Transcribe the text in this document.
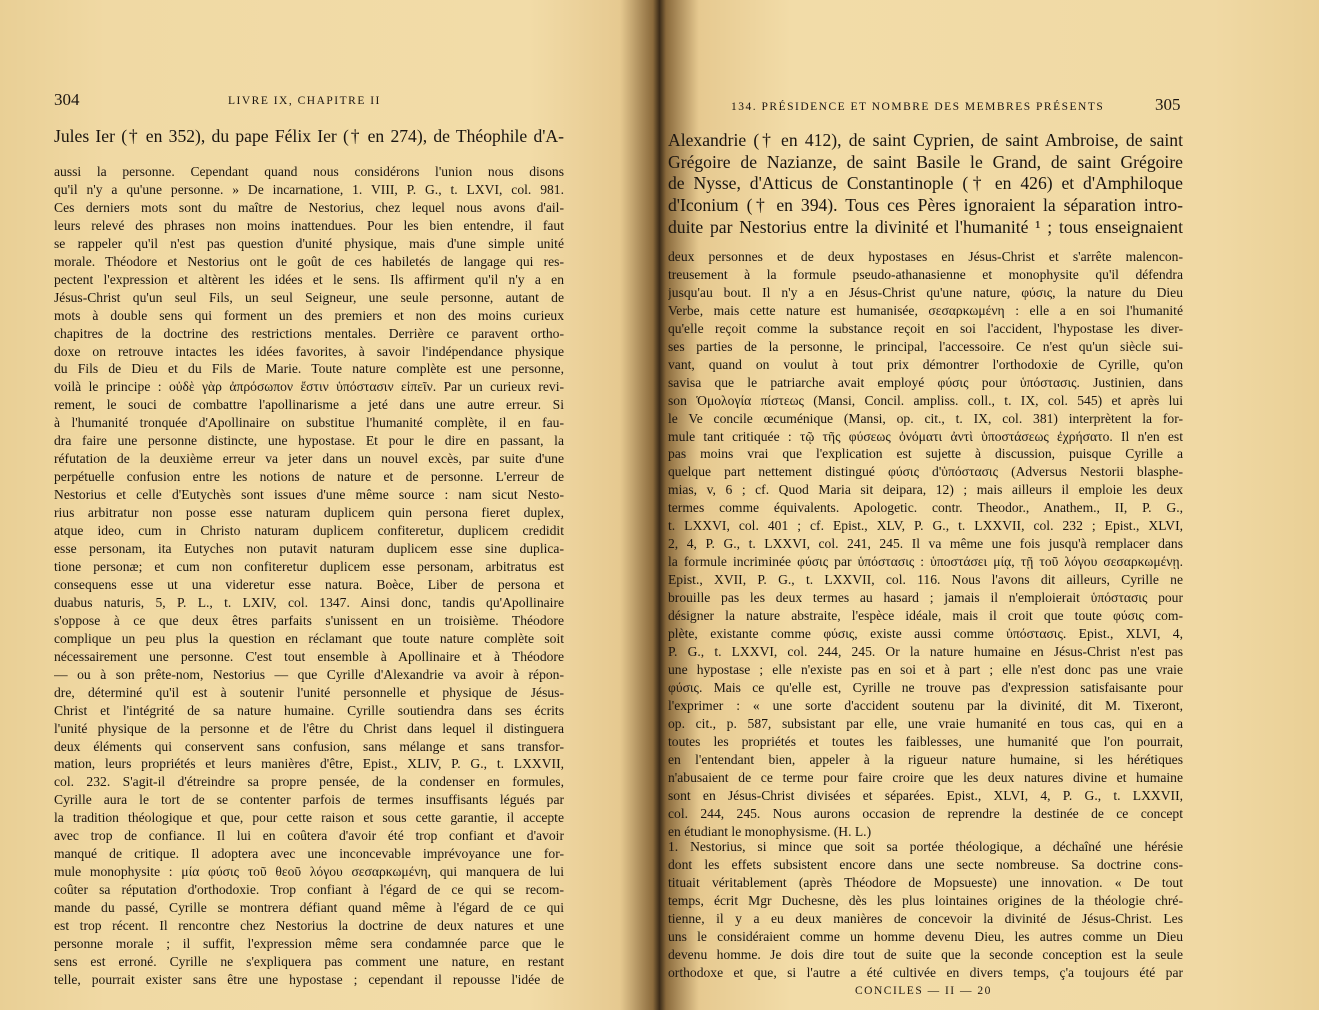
304	LIVRE IX, CHAPITRE II
Jules Ier († en 352), du pape Félix Ier († en 274), de Théophile d'A-
aussi la personne. Cependant quand nous considérons l'union nous disons
qu'il n'y a qu'une personne. » De incarnatione, 1. VIII, P. G., t. LXVI, col. 981.
Ces derniers mots sont du maître de Nestorius, chez lequel nous avons d'ail-
leurs relevé des phrases non moins inattendues. Pour les bien entendre, il faut
se rappeler qu'il n'est pas question d'unité physique, mais d'une simple unité
morale. Théodore et Nestorius ont le goût de ces habiletés de langage qui res-
pectent l'expression et altèrent les idées et le sens. Ils affirment qu'il n'y a en
Jésus-Christ qu'un seul Fils, un seul Seigneur, une seule personne, autant de
mots à double sens qui forment un des premiers et non des moins curieux
chapitres de la doctrine des restrictions mentales. Derrière ce paravent ortho-
doxe on retrouve intactes les idées favorites, à savoir l'indépendance physique
du Fils de Dieu et du Fils de Marie. Toute nature complète est une personne,
voilà le principe : οὐδὲ γὰρ ἀπρόσωπον ἔστιν ὑπόστασιν εἰπεῖν. Par un curieux revi-
rement, le souci de combattre l'apollinarisme a jeté dans une autre erreur. Si
à l'humanité tronquée d'Apollinaire on substitue l'humanité complète, il en fau-
dra faire une personne distincte, une hypostase. Et pour le dire en passant, la
réfutation de la deuxième erreur va jeter dans un nouvel excès, par suite d'une
perpétuelle confusion entre les notions de nature et de personne. L'erreur de
Nestorius et celle d'Eutychès sont issues d'une même source : nam sicut Nesto-
rius arbitratur non posse esse naturam duplicem quin persona fieret duplex,
atque ideo, cum in Christo naturam duplicem confiteretur, duplicem credidit
esse personam, ita Eutyches non putavit naturam duplicem esse sine duplica-
tione personæ; et cum non confiteretur duplicem esse personam, arbitratus est
consequens esse ut una videretur esse natura. Boèce, Liber de persona et
duabus naturis, 5, P. L., t. LXIV, col. 1347. Ainsi donc, tandis qu'Apollinaire
s'oppose à ce que deux êtres parfaits s'unissent en un troisième. Théodore
complique un peu plus la question en réclamant que toute nature complète soit
nécessairement une personne. C'est tout ensemble à Apollinaire et à Théodore
— ou à son prête-nom, Nestorius — que Cyrille d'Alexandrie va avoir à répon-
dre, déterminé qu'il est à soutenir l'unité personnelle et physique de Jésus-
Christ et l'intégrité de sa nature humaine. Cyrille soutiendra dans ses écrits
l'unité physique de la personne et de l'être du Christ dans lequel il distinguera
deux éléments qui conservent sans confusion, sans mélange et sans transfor-
mation, leurs propriétés et leurs manières d'être, Epist., XLIV, P. G., t. LXXVII,
col. 232. S'agit-il d'étreindre sa propre pensée, de la condenser en formules,
Cyrille aura le tort de se contenter parfois de termes insuffisants légués par
la tradition théologique et que, pour cette raison et sous cette garantie, il accepte
avec trop de confiance. Il lui en coûtera d'avoir été trop confiant et d'avoir
manqué de critique. Il adoptera avec une inconcevable imprévoyance une for-
mule monophysite : μία φύσις τοῦ θεοῦ λόγου σεσαρκωμένη, qui manquera de lui
coûter sa réputation d'orthodoxie. Trop confiant à l'égard de ce qui se recom-
mande du passé, Cyrille se montrera défiant quand même à l'égard de ce qui
est trop récent. Il rencontre chez Nestorius la doctrine de deux natures et une
personne morale ; il suffit, l'expression même sera condamnée parce que le
sens est erroné. Cyrille ne s'expliquera pas comment une nature, en restant
telle, pourrait exister sans être une hypostase ; cependant il repousse l'idée de
134. PRÉSIDENCE ET NOMBRE DES MEMBRES PRÉSENTS	305
Alexandrie († en 412), de saint Cyprien, de saint Ambroise, de saint
Grégoire de Nazianze, de saint Basile le Grand, de saint Grégoire
de Nysse, d'Atticus de Constantinople († en 426) et d'Amphiloque
d'Iconium († en 394). Tous ces Pères ignoraient la séparation intro-
duite par Nestorius entre la divinité et l'humanité ¹ ; tous enseignaient
deux personnes et de deux hypostases en Jésus-Christ et s'arrête malencon-
treusement à la formule pseudo-athanasienne et monophysite qu'il défendra
jusqu'au bout. Il n'y a en Jésus-Christ qu'une nature, φύσις, la nature du Dieu
Verbe, mais cette nature est humanisée, σεσαρκωμένη : elle a en soi l'humanité
qu'elle reçoit comme la substance reçoit en soi l'accident, l'hypostase les diver-
ses parties de la personne, le principal, l'accessoire. Ce n'est qu'un siècle sui-
vant, quand on voulut à tout prix démontrer l'orthodoxie de Cyrille, qu'on
savisa que le patriarche avait employé φύσις pour ὑπόστασις. Justinien, dans
son Ὁμολογία πίστεως (Mansi, Concil. ampliss. coll., t. IX, col. 545) et après lui
le Ve concile œcuménique (Mansi, op. cit., t. IX, col. 381) interprètent la for-
mule tant critiquée : τῷ τῆς φύσεως ὀνόματι ἀντὶ ὑποστάσεως ἐχρήσατο. Il n'en est
pas moins vrai que l'explication est sujette à discussion, puisque Cyrille a
quelque part nettement distingué φύσις d'ὑπόστασις (Adversus Nestorii blasphe-
mias, v, 6 ; cf. Quod Maria sit deipara, 12) ; mais ailleurs il emploie les deux
termes comme équivalents. Apologetic. contr. Theodor., Anathem., II, P. G.,
t. LXXVI, col. 401 ; cf. Epist., XLV, P. G., t. LXXVII, col. 232 ; Epist., XLVI,
2, 4, P. G., t. LXXVI, col. 241, 245. Il va même une fois jusqu'à remplacer dans
la formule incriminée φύσις par ὑπόστασις : ὑποστάσει μίᾳ, τῇ τοῦ λόγου σεσαρκωμένῃ.
Epist., XVII, P. G., t. LXXVII, col. 116. Nous l'avons dit ailleurs, Cyrille ne
brouille pas les deux termes au hasard ; jamais il n'emploierait ὑπόστασις pour
désigner la nature abstraite, l'espèce idéale, mais il croit que toute φύσις com-
plète, existante comme φύσις, existe aussi comme ὑπόστασις. Epist., XLVI, 4,
P. G., t. LXXVI, col. 244, 245. Or la nature humaine en Jésus-Christ n'est pas
une hypostase ; elle n'existe pas en soi et à part ; elle n'est donc pas une vraie
φύσις. Mais ce qu'elle est, Cyrille ne trouve pas d'expression satisfaisante pour
l'exprimer : « une sorte d'accident soutenu par la divinité, dit M. Tixeront,
op. cit., p. 587, subsistant par elle, une vraie humanité en tous cas, qui en a
toutes les propriétés et toutes les faiblesses, une humanité que l'on pourrait,
en l'entendant bien, appeler à la rigueur nature humaine, si les hérétiques
n'abusaient de ce terme pour faire croire que les deux natures divine et humaine
sont en Jésus-Christ divisées et séparées. Epist., XLVI, 4, P. G., t. LXXVII,
col. 244, 245. Nous aurons occasion de reprendre la destinée de ce concept
en étudiant le monophysisme. (H. L.)
1. Nestorius, si mince que soit sa portée théologique, a déchaîné une hérésie
dont les effets subsistent encore dans une secte nombreuse. Sa doctrine cons-
tituait véritablement (après Théodore de Mopsueste) une innovation. « De tout
temps, écrit Mgr Duchesne, dès les plus lointaines origines de la théologie chré-
tienne, il y a eu deux manières de concevoir la divinité de Jésus-Christ. Les
uns le considéraient comme un homme devenu Dieu, les autres comme un Dieu
devenu homme. Je dois dire tout de suite que la seconde conception est la seule
orthodoxe et que, si l'autre a été cultivée en divers temps, ç'a toujours été par
CONCILES — II — 20
